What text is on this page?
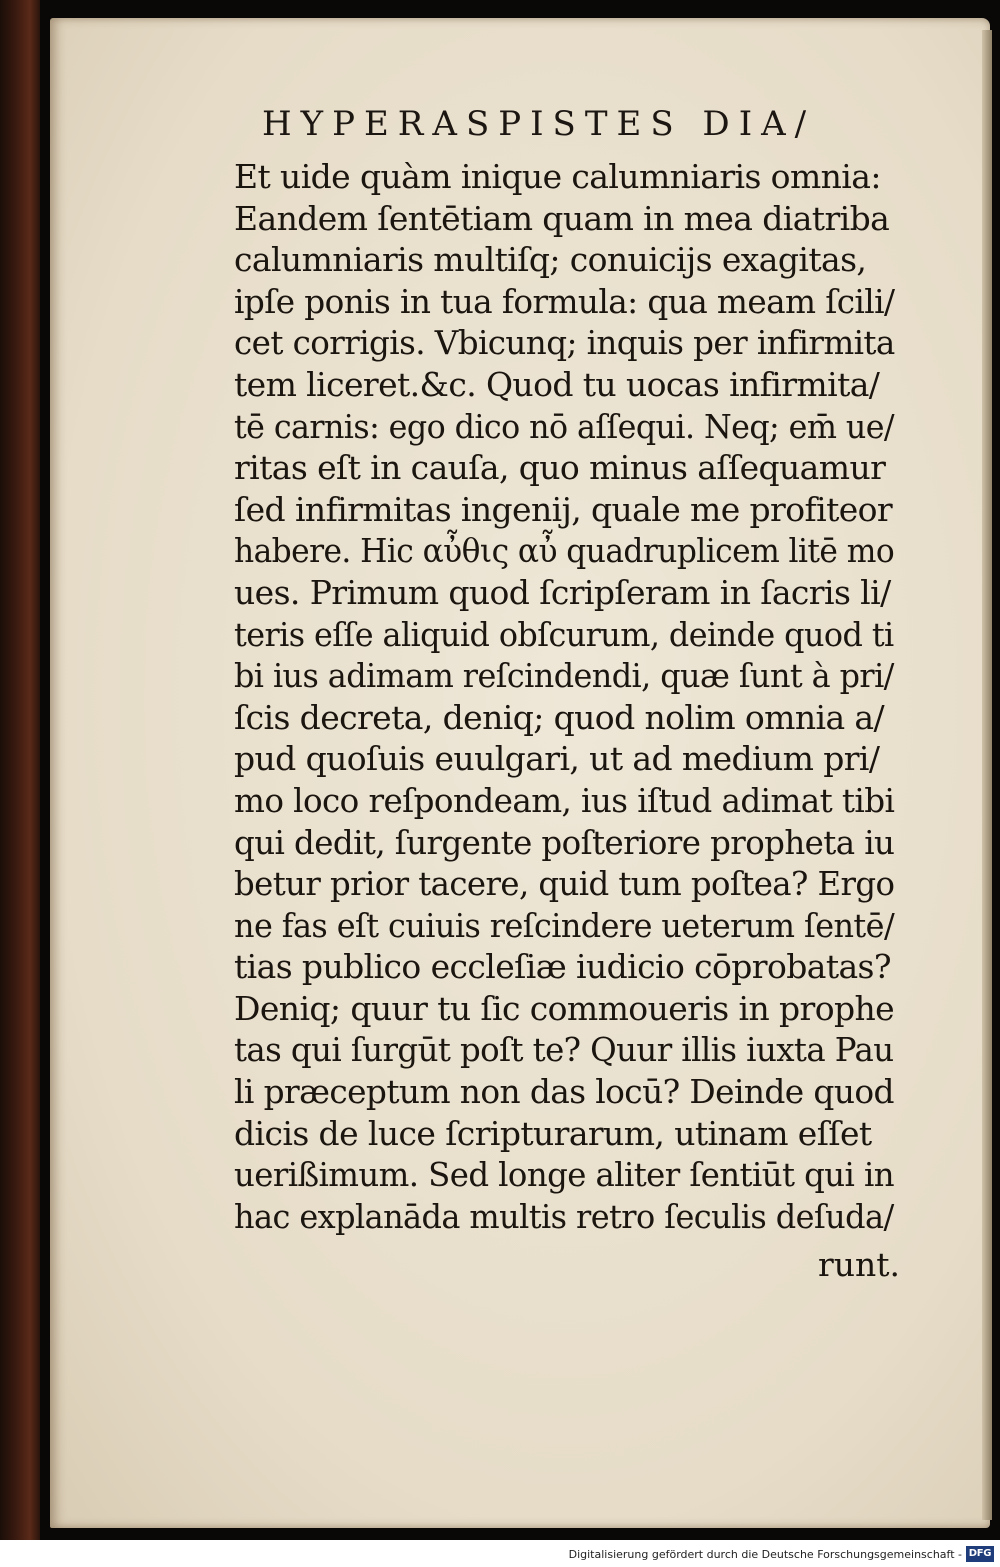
HYPERASPISTES DIA/
Et uide quàm inique calumniaris omnia:
Eandem ſentētiam quam in mea diatriba
calumniaris multiſq; conuicijs exagitas,
ipſe ponis in tua formula: qua meam ſcili/
cet corrigis. Vbicunq; inquis per infirmita
tem liceret.&c. Quod tu uocas infirmita/
tē carnis: ego dico nō aſſequi. Neq; em̄ ue/
ritas eſt in cauſa, quo minus aſſequamur
ſed infirmitas ingenij, quale me profiteor
habere. Hic αὖθις αὖ quadruplicem litē mo
ues. Primum quod ſcripſeram in ſacris li/
teris eſſe aliquid obſcurum, deinde quod ti
bi ius adimam reſcindendi, quæ ſunt à pri/
ſcis decreta, deniq; quod nolim omnia a/
pud quoſuis euulgari, ut ad medium pri/
mo loco reſpondeam, ius iſtud adimat tibi
qui dedit, ſurgente poſteriore propheta iu
betur prior tacere, quid tum poſtea? Ergo
ne fas eſt cuiuis reſcindere ueterum ſentē/
tias publico eccleſiæ iudicio cōprobatas?
Deniq; quur tu ſic commoueris in prophe
tas qui ſurgūt poſt te? Quur illis iuxta Pau
li præceptum non das locū? Deinde quod
dicis de luce ſcripturarum, utinam eſſet
uerißimum. Sed longe aliter ſentiūt qui in
hac explanāda multis retro ſeculis deſuda/
runt.
Digitalisierung gefördert durch die Deutsche Forschungsgemeinschaft - DFG
